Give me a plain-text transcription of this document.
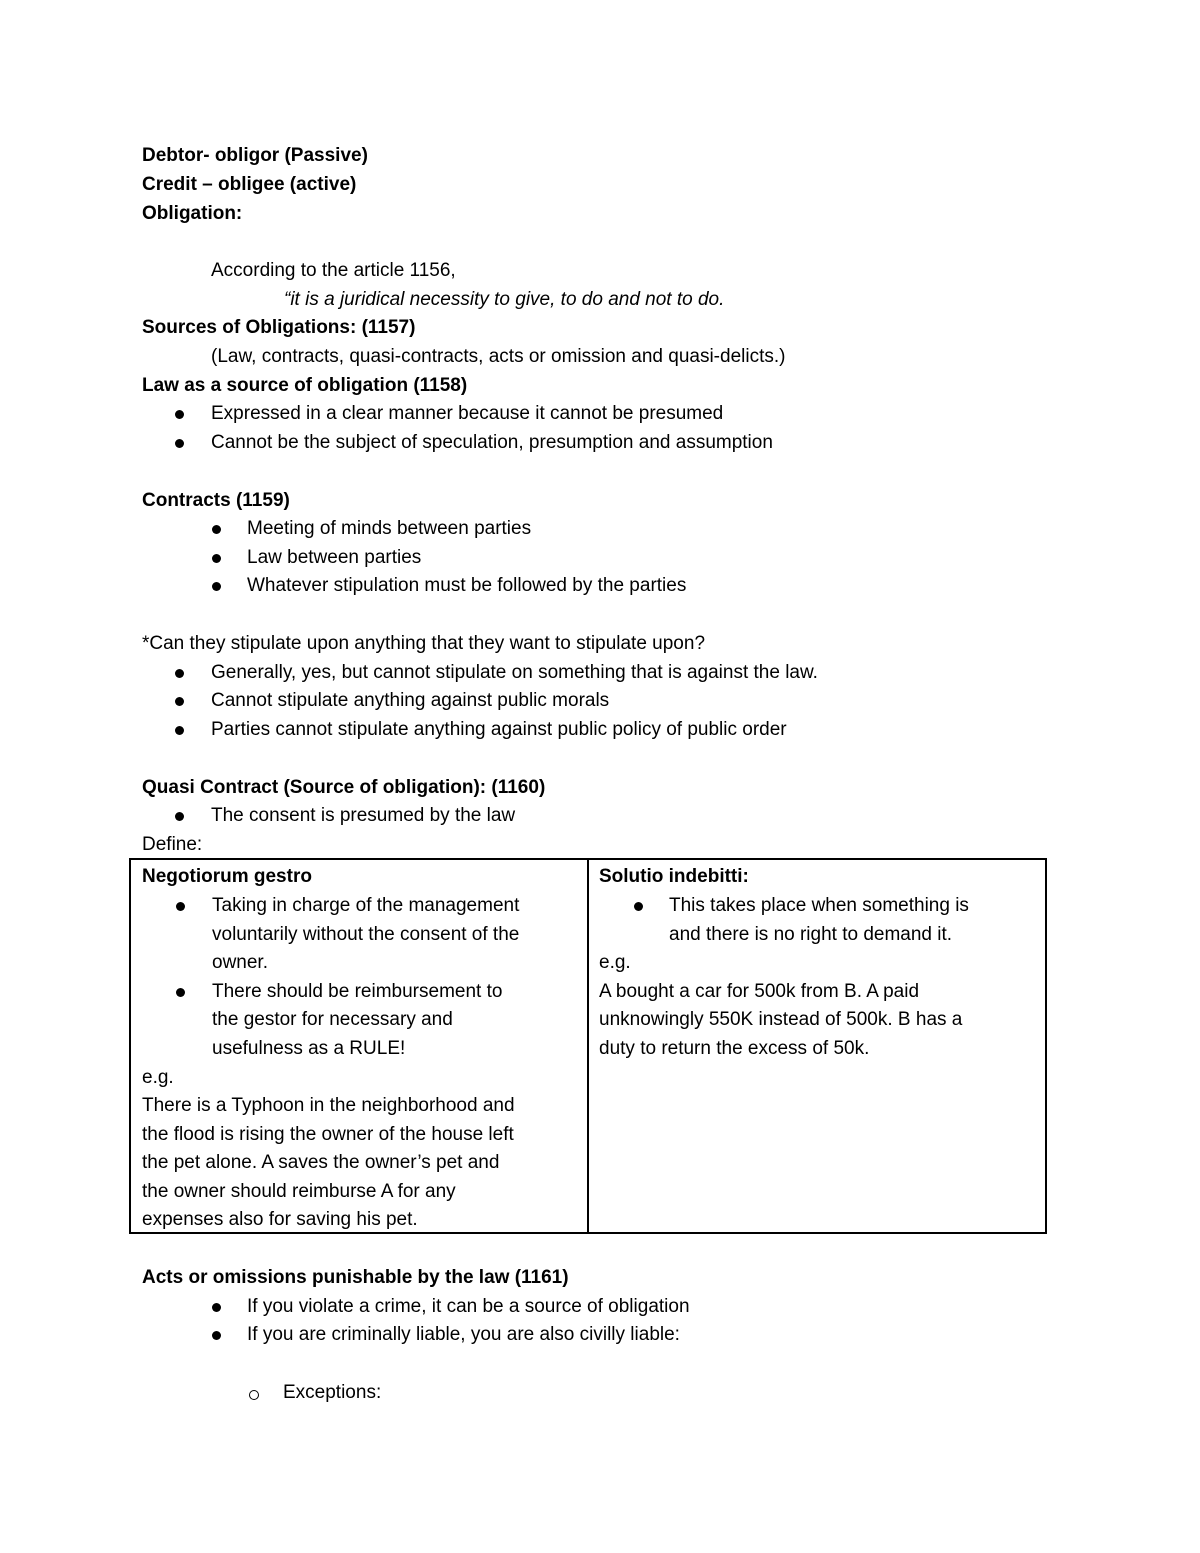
Debtor- obligor (Passive)
Credit – obligee (active)
Obligation:
According to the article 1156,
“it is a juridical necessity to give, to do and not to do.
Sources of Obligations: (1157)
(Law, contracts, quasi-contracts, acts or omission and quasi-delicts.)
Law as a source of obligation (1158)
Expressed in a clear manner because it cannot be presumed
Cannot be the subject of speculation, presumption and assumption
Contracts (1159)
Meeting of minds between parties
Law between parties
Whatever stipulation must be followed by the parties
*Can they stipulate upon anything that they want to stipulate upon?
Generally, yes, but cannot stipulate on something that is against the law.
Cannot stipulate anything against public morals
Parties cannot stipulate anything against public policy of public order
Quasi Contract (Source of obligation): (1160)
The consent is presumed by the law
Define:
Negotiorum gestro
Taking in charge of the management
voluntarily without the consent of the
owner.
There should be reimbursement to
the gestor for necessary and
usefulness as a RULE!
e.g.
There is a Typhoon in the neighborhood and
the flood is rising the owner of the house left
the pet alone. A saves the owner’s pet and
the owner should reimburse A for any
expenses also for saving his pet.

Solutio indebitti:
This takes place when something is
and there is no right to demand it.
e.g.
A bought a car for 500k from B. A paid
unknowingly 550K instead of 500k. B has a
duty to return the excess of 50k.
Acts or omissions punishable by the law (1161)
If you violate a crime, it can be a source of obligation
If you are criminally liable, you are also civilly liable:
Exceptions:
